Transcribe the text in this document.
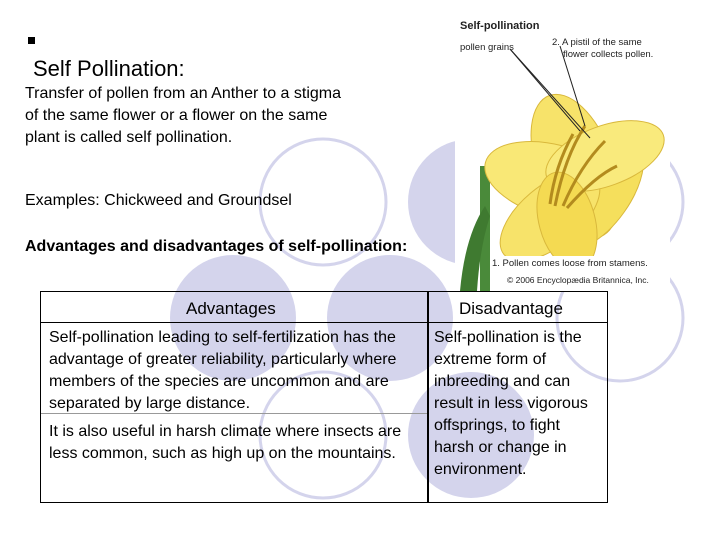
Self Pollination:
Transfer of pollen from an Anther to a stigma of the same flower or a flower on the same plant is called self pollination.
Examples: Chickweed and Groundsel
Advantages and disadvantages of self-pollination:
Self-pollination
pollen grains	2. A pistil of the same
flower collects pollen.
1. Pollen comes loose from stamens.
© 2006 Encyclopædia Britannica, Inc.
Advantages	Disadvantage
Self-pollination leading to self-fertilization has the advantage of greater reliability, particularly where members of the species are uncommon and are separated by large distance.
It is also useful in harsh climate where insects are less common, such as high up on the mountains.
Self-pollination is the extreme form of inbreeding and can result in less vigorous offsprings, to fight harsh or change in environment.
